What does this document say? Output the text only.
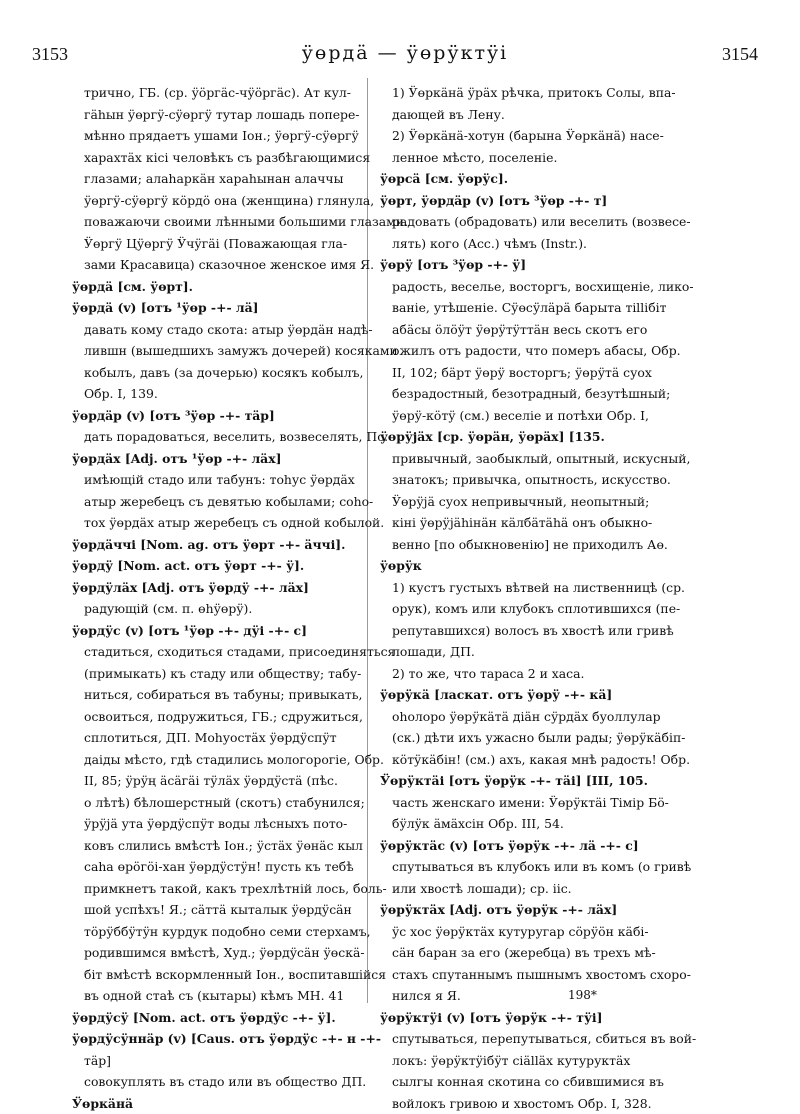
3153	ӱөрдӓ — ӱөрӱктӱі	3154
трично, ГБ. (ср. ӱӧргӓс-чӱӧргӓс). Ат кул-
гӓһын ӱөргӱ-сӱөргӱ тутар лошадь попере-
мѣнно прядаетъ ушами Іон.; ӱөргӱ-сӱөргӱ
харахтӓх кісі человѣкъ съ разбѣгающимися
глазами; алаһаркӓн хараһынан алаччы
ӱөргӱ-сӱөргӱ кӧрдӧ она (женщина) глянула,
поважаючи своими лѣнными большими глазами.
Ӱөргӱ Цӱөргӱ Ӱчӱгӓі (Поважающая гла-
зами Красавица) сказочное женское имя Я.
ӱөрдӓ [см. ӱөрт].
ӱөрдӓ (v) [отъ ¹ӱөр -+- лӓ]
давать кому стадо скота: атыр ӱөрдӓн надѣ-
лившн (вышедшихъ замужъ дочерей) косяками
кобылъ, давъ (за дочерью) косякъ кобылъ,
Обр. I, 139.
ӱөрдӓр (v) [отъ ³ӱөр -+- тӓр]
дать порадоваться, веселить, возвеселять, Пс.
ӱөрдӓх [Adj. отъ ¹ӱөр -+- лӓх]
имѣющій стадо или табунъ: тоһус ӱөрдӓх
атыр жеребецъ съ девятью кобылами; соһо-
тох ӱөрдӓх атыр жеребецъ съ одной кобылой.
ӱөрдӓччі [Nom. ag. отъ ӱөрт -+- ӓччі].
ӱөрдӱ [Nom. act. отъ ӱөрт -+- ӱ].
ӱөрдӱлӓх [Adj. отъ ӱөрдӱ -+- лӓх]
радующій (см. п. өһӱөрӱ).
ӱөрдӱс (v) [отъ ¹ӱөр -+- дӱі -+- с]
стадиться, сходиться стадами, присоединяться
(примыкать) къ стаду или обществу; табу-
ниться, собираться въ табуны; привыкать,
освоиться, подружиться, ГБ.; сдружиться,
сплотиться, ДП. Моһуостӓх ӱөрдӱспӱт
даіды мѣсто, гдѣ стадились мологорогіе, Обр.
II, 85; ӱрӱң ӓсӓгӓі тӱлӓх ӱөрдӱстӓ (пѣс.
о лѣтѣ) бѣлошерстный (скотъ) стабунился;
ӱрӱјӓ ута ӱөрдӱспӱт воды лѣсныхъ пото-
ковъ слились вмѣстѣ Іон.; ӱстӓх ӱөнӓс кыл
саһа өрӧгӧі-хан ӱөрдӱстӱн! пусть къ тебѣ
примкнетъ такой, какъ трехлѣтній лось, боль-
шой успѣхъ! Я.; сӓттӓ кыталык ӱөрдӱсӓн
тӧрӱббӱтӱн курдук подобно семи стерхамъ,
родившимся вмѣстѣ, Худ.; ӱөрдӱсӓн ӱөскӓ-
біт вмѣстѣ вскормленный Іон., воспитавшійся
въ одной стаѣ съ (кытары) кѣмъ МН. 41
ӱөрдӱсӱ [Nom. act. отъ ӱөрдӱс -+- ӱ].
ӱөрдӱсӱннӓр (v) [Caus. отъ ӱөрдӱс -+- н -+-
тӓр]
совокуплять въ стадо или въ общество ДП.
Ӱөркӓнӓ
1) Ӱөркӓнӓ ӱрӓх рѣчка, притокъ Солы, впа-
дающей въ Лену.
2) Ӱөркӓнӓ-хотун (барына Ӱөркӓнӓ) насе-
ленное мѣсто, поселеніе.
ӱөрсӓ [см. ӱөрӱс].
ӱөрт, ӱөрдӓр (v) [отъ ³ӱөр -+- т]
радовать (обрадовать) или веселить (возвесе-
лять) кого (Acc.) чѣмъ (Instr.).
ӱөрӱ [отъ ³ӱөр -+- ӱ]
радость, веселье, восторгъ, восхищеніе, лико-
ваніе, утѣшеніе. Сӱөсӱлӓрӓ барыта тіllібіт
абӓсы ӧлӧӱт ӱөрӱтӱттӓн весь скотъ его
ожилъ отъ радости, что померъ абасы, Обр.
II, 102; бӓрт ӱөрӱ восторгъ; ӱөрӱтӓ суох
безрадостный, безотрадный, безутѣшный;
ӱөрӱ-кӧтӱ (см.) веселіе и потѣхи Обр. I,
ӱөрӱјӓх [ср. ӱөрӓн, ӱөрӓх] [135.
привычный, заобыклый, опытный, искусный,
знатокъ; привычка, опытность, искусство.
Ӱөрӱјӓ суох непривычный, неопытный;
кіні ӱөрӱјӓһінӓн кӓлбӓтӓһӓ онъ обыкно-
венно [по обыкновенію] не приходилъ Аө.
ӱөрӱк
1) кустъ густыхъ вѣтвей на лиственницѣ (ср.
орук), комъ или клубокъ сплотившихся (пе-
репутавшихся) волосъ въ хвостѣ или гривѣ
лошади, ДП.
2) то же, что тараса 2 и хаса.
ӱөрӱкӓ [ласкат. отъ ӱөрӱ -+- кӓ]
оһолоро ӱөрӱкӓтӓ діӓн сӱрдӓх буоллулар
(ск.) дѣти ихъ ужасно были рады; ӱөрӱкӓбіп-
кӧтӱкӓбін! (см.) ахъ, какая мнѣ радость! Обр.
Ӱөрӱктӓі [отъ ӱөрӱк -+- тӓі] [III, 105.
часть женскаго имени: Ӱөрӱктӓі Тімір Бӧ-
бӱлӱк ӓмӓхсін Обр. III, 54.
ӱөрӱктӓс (v) [отъ ӱөрӱк -+- лӓ -+- с]
спутываться въ клубокъ или въ комъ (о гривѣ
или хвостѣ лошади); ср. ііс.
ӱөрӱктӓх [Adj. отъ ӱөрӱк -+- лӓх]
ӱс хос ӱөрӱктӓх кутуругар сӧрӱӧн кӓбі-
сӓн баран за его (жеребца) въ трехъ мѣ-
стахъ спутаннымъ пышнымъ хвостомъ схоро-
нился я Я.
ӱөрӱктӱі (v) [отъ ӱөрӱк -+- тӱі]
спутываться, перепутываться, сбиться въ вой-
локъ: ӱөрӱктӱібӱт сіӓllӓх кутуруктӓх
сылгы конная скотина со сбившимися въ
войлокъ гривою и хвостомъ Обр. I, 328.
198*
